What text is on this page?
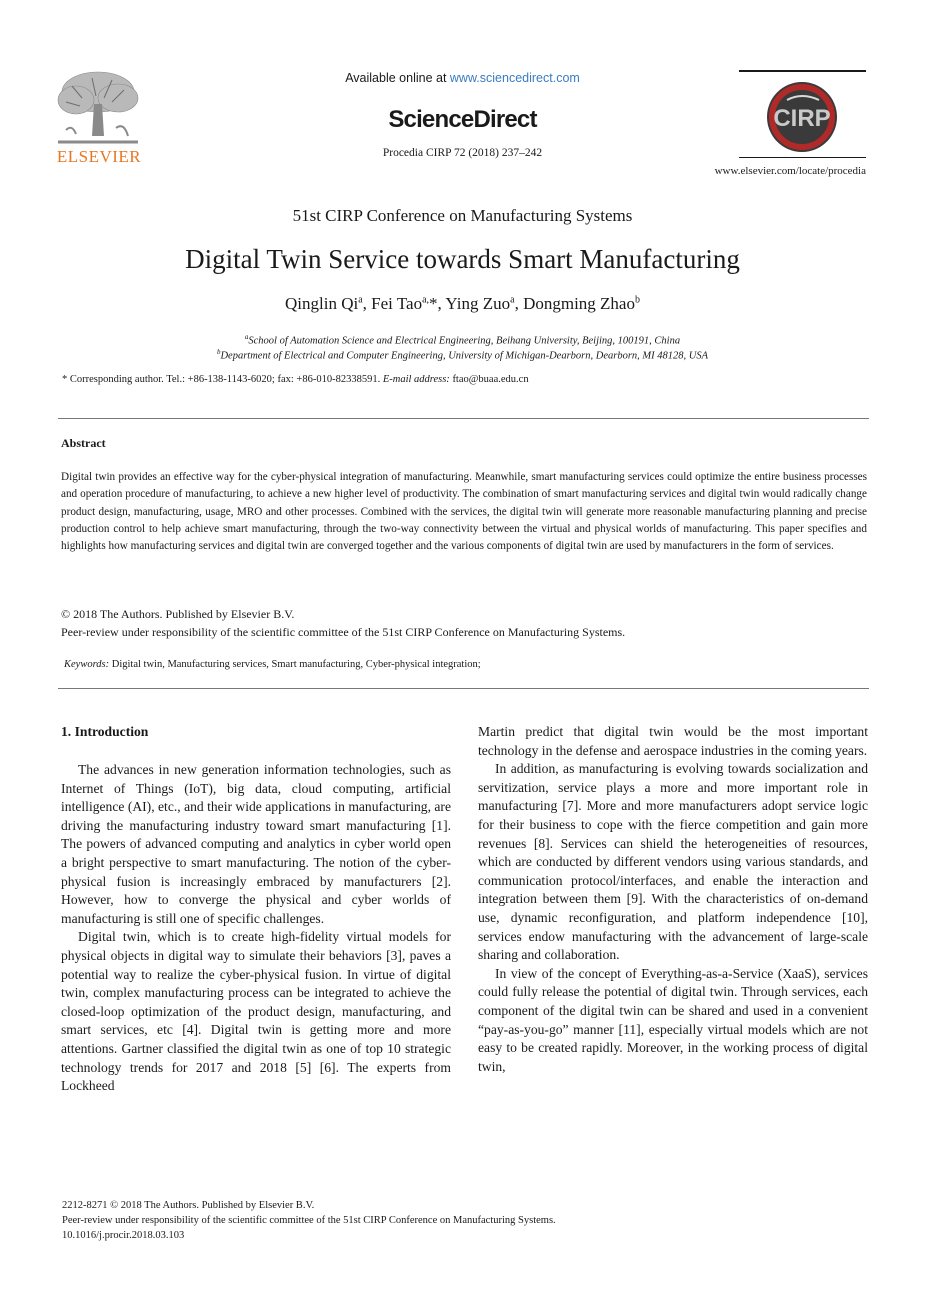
ELSEVIER
Available online at www.sciencedirect.com
ScienceDirect
Procedia CIRP 72 (2018) 237–242
CIRP
www.elsevier.com/locate/procedia
51st CIRP Conference on Manufacturing Systems
Digital Twin Service towards Smart Manufacturing
Qinglin Qi$^a$, Fei Tao$^{a,}$*, Ying Zuo$^a$, Dongming Zhao$^b$
$^a$School of Automation Science and Electrical Engineering, Beihang University, Beijing, 100191, China
$^b$Department of Electrical and Computer Engineering, University of Michigan-Dearborn, Dearborn, MI 48128, USA
* Corresponding author. Tel.: +86-138-1143-6020; fax: +86-010-82338591. E-mail address: ftao@buaa.edu.cn
Abstract
Digital twin provides an effective way for the cyber-physical integration of manufacturing. Meanwhile, smart manufacturing services could optimize the entire business processes and operation procedure of manufacturing, to achieve a new higher level of productivity. The combination of smart manufacturing services and digital twin would radically change product design, manufacturing, usage, MRO and other processes. Combined with the services, the digital twin will generate more reasonable manufacturing planning and precise production control to help achieve smart manufacturing, through the two-way connectivity between the virtual and physical worlds of manufacturing. This paper specifies and highlights how manufacturing services and digital twin are converged together and the various components of digital twin are used by manufacturers in the form of services.
© 2018 The Authors. Published by Elsevier B.V.
Peer-review under responsibility of the scientific committee of the 51st CIRP Conference on Manufacturing Systems.
Keywords: Digital twin, Manufacturing services, Smart manufacturing, Cyber-physical integration;
1. Introduction

The advances in new generation information technologies, such as Internet of Things (IoT), big data, cloud computing, artificial intelligence (AI), etc., and their wide applications in manufacturing, are driving the manufacturing industry toward smart manufacturing [1]. The powers of advanced computing and analytics in cyber world open a bright perspective to smart manufacturing. The notion of the cyber-physical fusion is increasingly embraced by manufacturers [2]. However, how to converge the physical and cyber worlds of manufacturing is still one of specific challenges.

Digital twin, which is to create high-fidelity virtual models for physical objects in digital way to simulate their behaviors [3], paves a potential way to realize the cyber-physical fusion. In virtue of digital twin, complex manufacturing process can be integrated to achieve the closed-loop optimization of the product design, manufacturing, and smart services, etc [4]. Digital twin is getting more and more attentions. Gartner classified the digital twin as one of top 10 strategic technology trends for 2017 and 2018 [5] [6]. The experts from Lockheed

Martin predict that digital twin would be the most important technology in the defense and aerospace industries in the coming years.

In addition, as manufacturing is evolving towards socialization and servitization, service plays a more and more important role in manufacturing [7]. More and more manufacturers adopt service logic for their business to cope with the fierce competition and gain more revenues [8]. Services can shield the heterogeneities of resources, which are conducted by different vendors using various standards, and communication protocol/interfaces, and enable the interaction and integration between them [9]. With the characteristics of on-demand use, dynamic reconfiguration, and platform independence [10], services endow manufacturing with the advancement of large-scale sharing and collaboration.

In view of the concept of Everything-as-a-Service (XaaS), services could fully release the potential of digital twin. Through services, each component of the digital twin can be shared and used in a convenient “pay-as-you-go” manner [11], especially virtual models which are not easy to be created rapidly. Moreover, in the working process of digital twin,

2212-8271 © 2018 The Authors. Published by Elsevier B.V.
Peer-review under responsibility of the scientific committee of the 51st CIRP Conference on Manufacturing Systems.
10.1016/j.procir.2018.03.103
